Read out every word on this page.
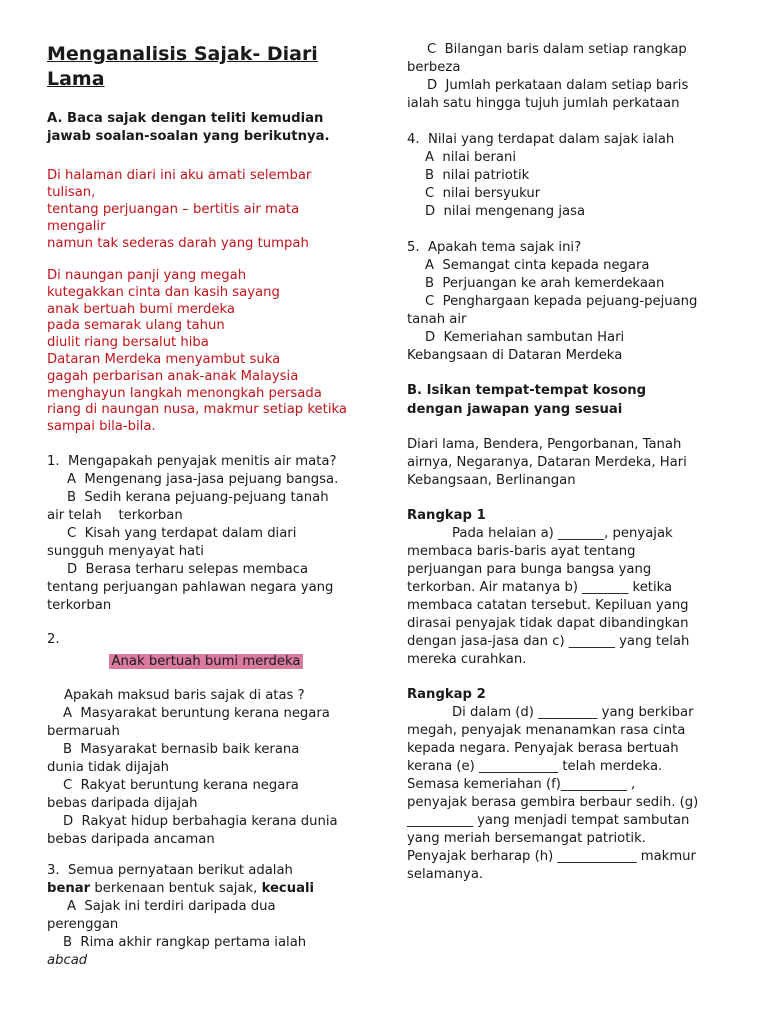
Menganalisis Sajak- Diari
Lama
A. Baca sajak dengan teliti kemudian
jawab soalan-soalan yang berikutnya.
Di halaman diari ini aku amati selembar
tulisan,
tentang perjuangan – bertitis air mata
mengalir
namun tak sederas darah yang tumpah
Di naungan panji yang megah
kutegakkan cinta dan kasih sayang
anak bertuah bumi merdeka
pada semarak ulang tahun
diulit riang bersalut hiba
Dataran Merdeka menyambut suka
gagah perbarisan anak-anak Malaysia
menghayun langkah menongkah persada
riang di naungan nusa, makmur setiap ketika
sampai bila-bila.
1.  Mengapakah penyajak menitis air mata?
A  Mengenang jasa-jasa pejuang bangsa.
B  Sedih kerana pejuang-pejuang tanah
air telah    terkorban
C  Kisah yang terdapat dalam diari
sungguh menyayat hati
D  Berasa terharu selepas membaca
tentang perjuangan pahlawan negara yang
terkorban
2.
Anak bertuah bumi merdeka
Apakah maksud baris sajak di atas ?
A  Masyarakat beruntung kerana negara
bermaruah
B  Masyarakat bernasib baik kerana
dunia tidak dijajah
C  Rakyat beruntung kerana negara
bebas daripada dijajah
D  Rakyat hidup berbahagia kerana dunia
bebas daripada ancaman
3.  Semua pernyataan berikut adalah
benar berkenaan bentuk sajak, kecuali
A  Sajak ini terdiri daripada dua
perenggan
B  Rima akhir rangkap pertama ialah
abcad
C  Bilangan baris dalam setiap rangkap
berbeza
D  Jumlah perkataan dalam setiap baris
ialah satu hingga tujuh jumlah perkataan
4.  Nilai yang terdapat dalam sajak ialah
A  nilai berani
B  nilai patriotik
C  nilai bersyukur
D  nilai mengenang jasa
5.  Apakah tema sajak ini?
A  Semangat cinta kepada negara
B  Perjuangan ke arah kemerdekaan
C  Penghargaan kepada pejuang-pejuang
tanah air
D  Kemeriahan sambutan Hari
Kebangsaan di Dataran Merdeka
B. Isikan tempat-tempat kosong
dengan jawapan yang sesuai
Diari lama, Bendera, Pengorbanan, Tanah
airnya, Negaranya, Dataran Merdeka, Hari
Kebangsaan, Berlinangan
Rangkap 1
Pada helaian a) _______, penyajak
membaca baris-baris ayat tentang
perjuangan para bunga bangsa yang
terkorban. Air matanya b) _______ ketika
membaca catatan tersebut. Kepiluan yang
dirasai penyajak tidak dapat dibandingkan
dengan jasa-jasa dan c) _______ yang telah
mereka curahkan.
Rangkap 2
Di dalam (d) _________ yang berkibar
megah, penyajak menanamkan rasa cinta
kepada negara. Penyajak berasa bertuah
kerana (e) ____________ telah merdeka.
Semasa kemeriahan (f)__________ ,
penyajak berasa gembira berbaur sedih. (g)
__________ yang menjadi tempat sambutan
yang meriah bersemangat patriotik.
Penyajak berharap (h) ____________ makmur
selamanya.
